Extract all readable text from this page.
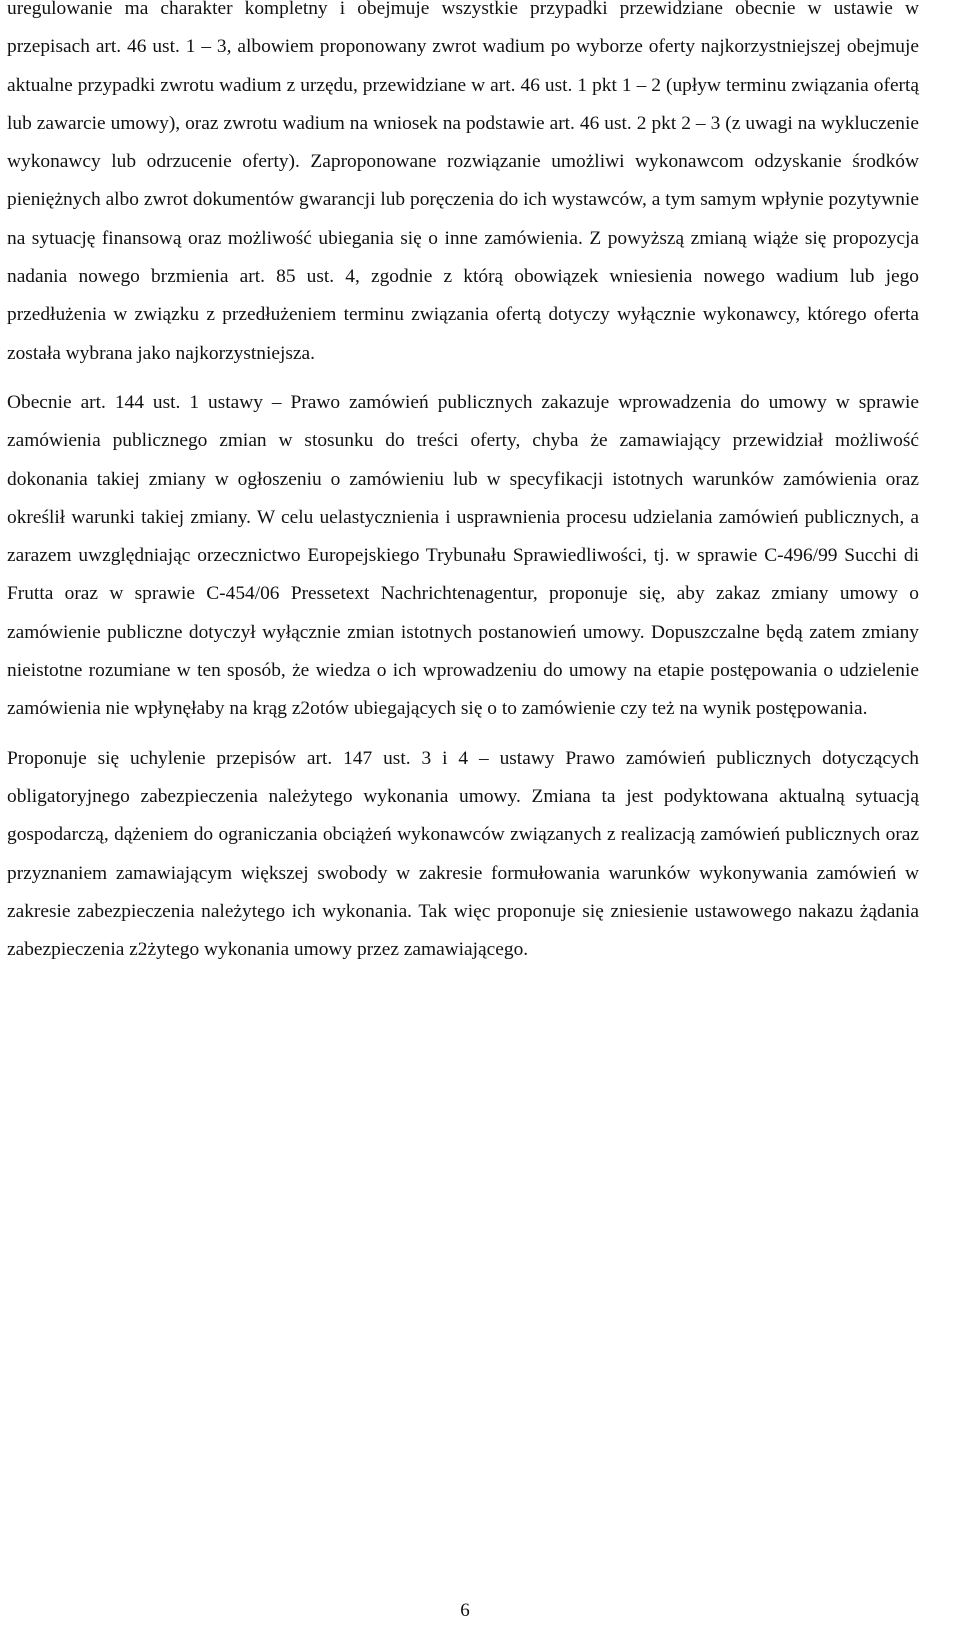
uregulowanie ma charakter kompletny i obejmuje wszystkie przypadki przewidziane obecnie w ustawie w przepisach art. 46 ust. 1 – 3, albowiem proponowany zwrot wadium po wyborze oferty najkorzystniejszej obejmuje aktualne przypadki zwrotu wadium z urzędu, przewidziane w art. 46 ust. 1 pkt 1 – 2 (upływ terminu związania ofertą lub zawarcie umowy), oraz zwrotu wadium na wniosek na podstawie art. 46 ust. 2 pkt 2 – 3 (z uwagi na wykluczenie wykonawcy lub odrzucenie oferty). Zaproponowane rozwiązanie umożliwi wykonawcom odzyskanie środków pieniężnych albo zwrot dokumentów gwarancji lub poręczenia do ich wystawców, a tym samym wpłynie pozytywnie na sytuację finansową oraz możliwość ubiegania się o inne zamówienia. Z powyższą zmianą wiąże się propozycja nadania nowego brzmienia art. 85 ust. 4, zgodnie z którą obowiązek wniesienia nowego wadium lub jego przedłużenia w związku z przedłużeniem terminu związania ofertą dotyczy wyłącznie wykonawcy, którego oferta została wybrana jako najkorzystniejsza.

Obecnie art. 144 ust. 1 ustawy – Prawo zamówień publicznych zakazuje wprowadzenia do umowy w sprawie zamówienia publicznego zmian w stosunku do treści oferty, chyba że zamawiający przewidział możliwość dokonania takiej zmiany w ogłoszeniu o zamówieniu lub w specyfikacji istotnych warunków zamówienia oraz określił warunki takiej zmiany. W celu uelastycznienia i usprawnienia procesu udzielania zamówień publicznych, a zarazem uwzględniając orzecznictwo Europejskiego Trybunału Sprawiedliwości, tj. w sprawie C-496/99 Succhi di Frutta oraz w sprawie C-454/06 Pressetext Nachrichtenagentur, proponuje się, aby zakaz zmiany umowy o zamówienie publiczne dotyczył wyłącznie zmian istotnych postanowień umowy. Dopuszczalne będą zatem zmiany nieistotne rozumiane w ten sposób, że wiedza o ich wprowadzeniu do umowy na etapie postępowania o udzielenie zamówienia nie wpłynęłaby na krąg z2otów ubiegających się o to zamówienie czy też na wynik postępowania.

Proponuje się uchylenie przepisów art. 147 ust. 3 i 4 – ustawy Prawo zamówień publicznych dotyczących obligatoryjnego zabezpieczenia należytego wykonania umowy. Zmiana ta jest podyktowana aktualną sytuacją gospodarczą, dążeniem do ograniczania obciążeń wykonawców związanych z realizacją zamówień publicznych oraz przyznaniem zamawiającym większej swobody w zakresie formułowania warunków wykonywania zamówień w zakresie zabezpieczenia należytego ich wykonania. Tak więc proponuje się zniesienie ustawowego nakazu żądania zabezpieczenia z2żytego wykonania umowy przez zamawiającego.

6
